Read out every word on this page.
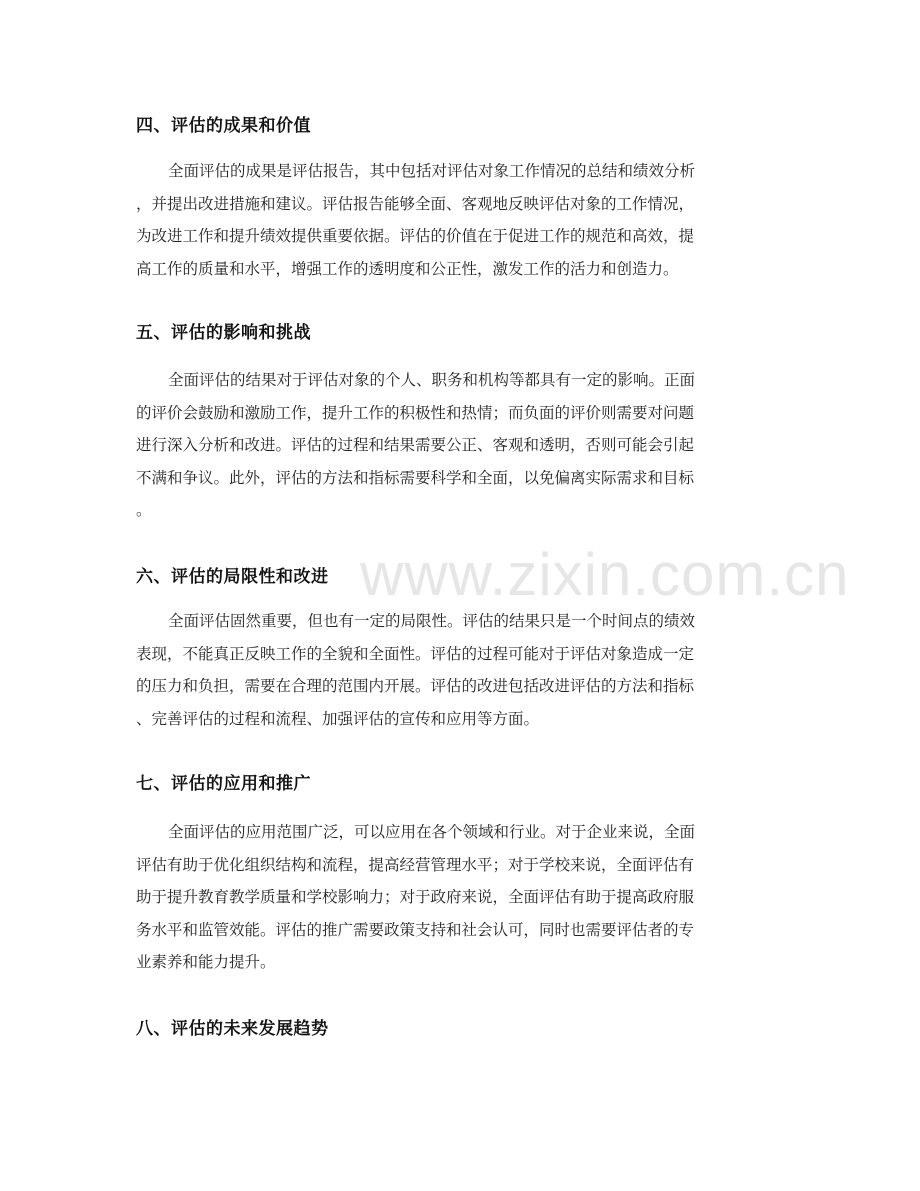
www.zixin.com.cn
四、评估的成果和价值
全面评估的成果是评估报告，其中包括对评估对象工作情况的总结和绩效分析
，并提出改进措施和建议。评估报告能够全面、客观地反映评估对象的工作情况，
为改进工作和提升绩效提供重要依据。评估的价值在于促进工作的规范和高效，提
高工作的质量和水平，增强工作的透明度和公正性，激发工作的活力和创造力。
五、评估的影响和挑战
全面评估的结果对于评估对象的个人、职务和机构等都具有一定的影响。正面
的评价会鼓励和激励工作，提升工作的积极性和热情；而负面的评价则需要对问题
进行深入分析和改进。评估的过程和结果需要公正、客观和透明，否则可能会引起
不满和争议。此外，评估的方法和指标需要科学和全面，以免偏离实际需求和目标
。
六、评估的局限性和改进
全面评估固然重要，但也有一定的局限性。评估的结果只是一个时间点的绩效
表现，不能真正反映工作的全貌和全面性。评估的过程可能对于评估对象造成一定
的压力和负担，需要在合理的范围内开展。评估的改进包括改进评估的方法和指标
、完善评估的过程和流程、加强评估的宣传和应用等方面。
七、评估的应用和推广
全面评估的应用范围广泛，可以应用在各个领域和行业。对于企业来说，全面
评估有助于优化组织结构和流程，提高经营管理水平；对于学校来说，全面评估有
助于提升教育教学质量和学校影响力；对于政府来说，全面评估有助于提高政府服
务水平和监管效能。评估的推广需要政策支持和社会认可，同时也需要评估者的专
业素养和能力提升。
八、评估的未来发展趋势
